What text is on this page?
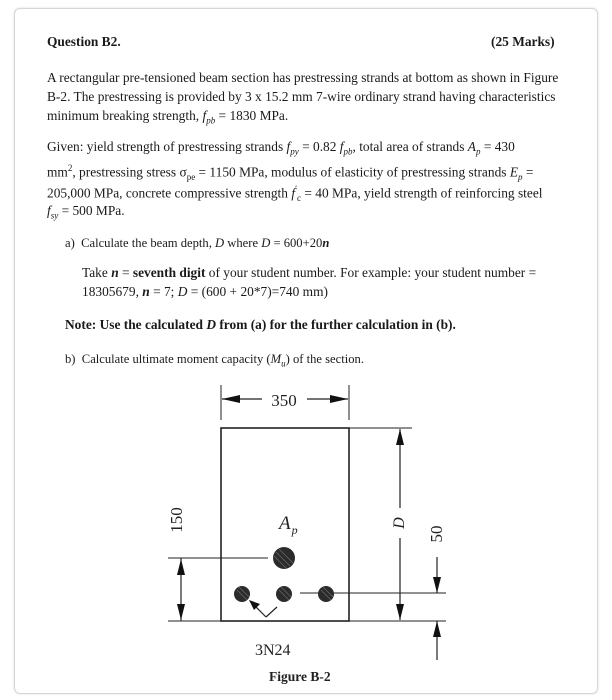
Question B2.	(25 Marks)
A rectangular pre-tensioned beam section has prestressing strands at bottom as shown in Figure
B-2. The prestressing is provided by 3 x 15.2 mm 7-wire ordinary strand having characteristics
minimum breaking strength, $f_{pb} = 1830$ MPa.
Given: yield strength of prestressing strands $f_{py} = 0.82$ $f_{pb}$, total area of strands $A_p = 430$
$mm^2$, prestressing stress $\sigma_{pe} = 1150$ MPa, modulus of elasticity of prestressing strands $E_p$ =
205,000 MPa, concrete compressive strength $f'_c = 40$ MPa, yield strength of reinforcing steel
$f_{sy} = 500$ MPa.
a) Calculate the beam depth, D where D = 600+20n
Take n = seventh digit of your student number. For example: your student number =
18305679, n = 7; D = (600 + 20*7)=740 mm)
Note: Use the calculated D from (a) for the further calculation in (b).
b) Calculate ultimate moment capacity $(M_u)$ of the section.
350
150	D
50
$A_p$
3N24
Figure B-2
